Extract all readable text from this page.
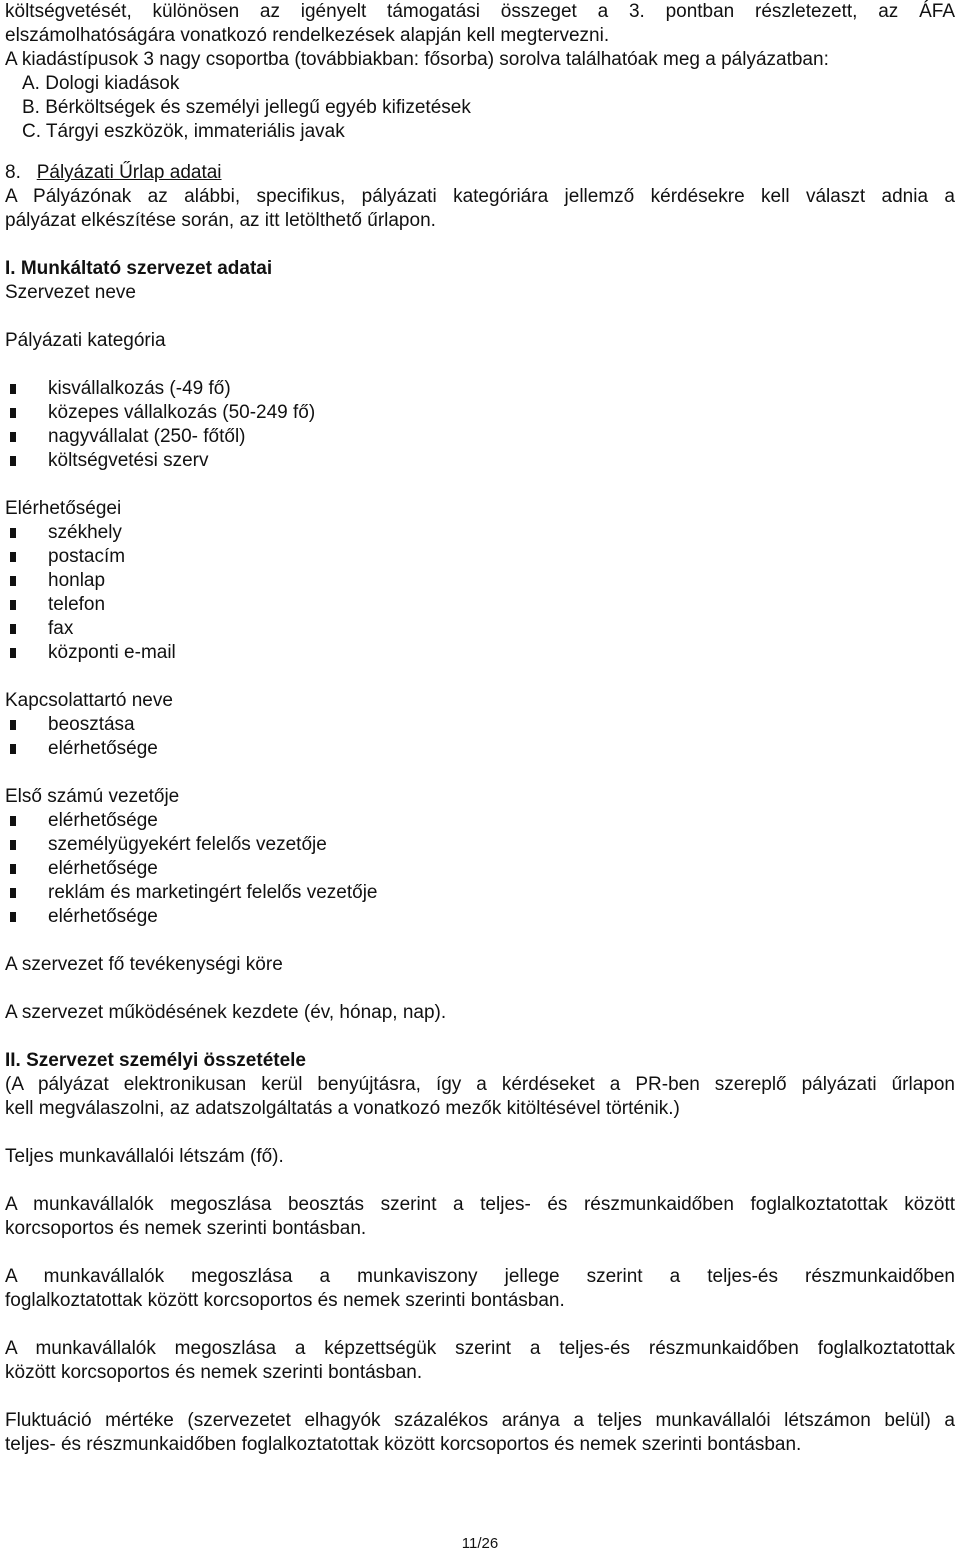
költségvetését, különösen az igényelt támogatási összeget a 3. pontban részletezett, az ÁFA
elszámolhatóságára vonatkozó rendelkezések alapján kell megtervezni.
A kiadástípusok 3 nagy csoportba (továbbiakban: fősorba) sorolva találhatóak meg a pályázatban:
A. Dologi kiadások
B. Bérköltségek és személyi jellegű egyéb kifizetések
C. Tárgyi eszközök, immateriális javak
8. Pályázati Űrlap adatai
A Pályázónak az alábbi, specifikus, pályázati kategóriára jellemző kérdésekre kell választ adnia a
pályázat elkészítése során, az itt letölthető űrlapon.
I. Munkáltató szervezet adatai
Szervezet neve
Pályázati kategória
kisvállalkozás (-49 fő)
közepes vállalkozás (50-249 fő)
nagyvállalat (250- főtől)
költségvetési szerv
Elérhetőségei
székhely
postacím
honlap
telefon
fax
központi e-mail
Kapcsolattartó neve
beosztása
elérhetősége
Első számú vezetője
elérhetősége
személyügyekért felelős vezetője
elérhetősége
reklám és marketingért felelős vezetője
elérhetősége
A szervezet fő tevékenységi köre
A szervezet működésének kezdete (év, hónap, nap).
II. Szervezet személyi összetétele
(A pályázat elektronikusan kerül benyújtásra, így a kérdéseket a PR-ben szereplő pályázati űrlapon
kell megválaszolni, az adatszolgáltatás a vonatkozó mezők kitöltésével történik.)
Teljes munkavállalói létszám (fő).
A munkavállalók megoszlása beosztás szerint a teljes- és részmunkaidőben foglalkoztatottak között
korcsoportos és nemek szerinti bontásban.
A munkavállalók megoszlása a munkaviszony jellege szerint a teljes-és részmunkaidőben
foglalkoztatottak között korcsoportos és nemek szerinti bontásban.
A munkavállalók megoszlása a képzettségük szerint a teljes-és részmunkaidőben foglalkoztatottak
között korcsoportos és nemek szerinti bontásban.
Fluktuáció mértéke (szervezetet elhagyók százalékos aránya a teljes munkavállalói létszámon belül) a
teljes- és részmunkaidőben foglalkoztatottak között korcsoportos és nemek szerinti bontásban.
11/26
